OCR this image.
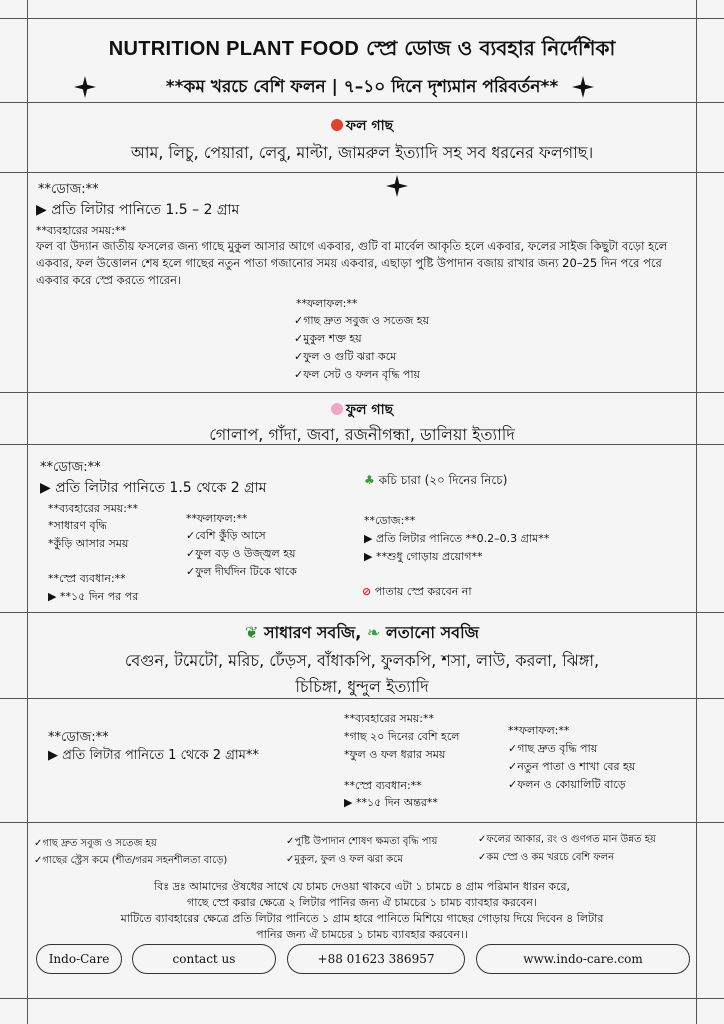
NUTRITION PLANT FOOD স্প্রে ডোজ ও ব্যবহার নির্দেশিকা
**কম খরচে বেশি ফলন | ৭–১০ দিনে দৃশ্যমান পরিবর্তন**
ফল গাছ
আম, লিচু, পেয়ারা, লেবু, মাল্টা, জামরুল ইত্যাদি সহ সব ধরনের ফলগাছ।
**ডোজ:**
▶ প্রতি লিটার পানিতে 1.5 – 2 গ্রাম
**ব্যবহারের সময়:**
ফল বা উদ্যান জাতীয় ফসলের জন্য গাছে মুকুল আসার আগে একবার, গুটি বা মার্বেল আকৃতি হলে একবার, ফলের সাইজ কিছুটা বড়ো হলে একবার, ফল উত্তোলন শেষ হলে গাছের নতুন পাতা গজানোর সময় একবার, এছাড়া পুষ্টি উপাদান বজায় রাখার জন্য 20–25 দিন পরে পরে একবার করে স্প্রে করতে পারেন।
**ফলাফল:**
✓গাছ দ্রুত সবুজ ও সতেজ হয়
✓মুকুল শক্ত হয়
✓ফুল ও গুটি ঝরা কমে
✓ফল সেট ও ফলন বৃদ্ধি পায়
ফুল গাছ
গোলাপ, গাঁদা, জবা, রজনীগন্ধা, ডালিয়া ইত্যাদি
**ডোজ:**
▶ প্রতি লিটার পানিতে 1.5 থেকে 2 গ্রাম
**ব্যবহারের সময়:**
*সাধারণ বৃদ্ধি
*কুঁড়ি আসার সময়
**স্প্রে ব্যবধান:**
▶ **১৫ দিন পর পর
**ফলাফল:**
✓বেশি কুঁড়ি আসে
✓ফুল বড় ও উজ্জ্বল হয়
✓ফুল দীর্ঘদিন টিকে থাকে
♣ কচি চারা (২০ দিনের নিচে)
**ডোজ:**
▶ প্রতি লিটার পানিতে **0.2–0.3 গ্রাম**
▶ **শুধু গোড়ায় প্রয়োগ**
⊘ পাতায় স্প্রে করবেন না
❦ সাধারণ সবজি, ❧ লতানো সবজি
বেগুন, টমেটো, মরিচ, ঢেঁড়স, বাঁধাকপি, ফুলকপি, শসা, লাউ, করলা, ঝিঙ্গা,
চিচিঙ্গা, ধুন্দুল ইত্যাদি
**ডোজ:**
▶ প্রতি লিটার পানিতে 1 থেকে 2 গ্রাম**
**ব্যবহারের সময়:**
*গাছ ২০ দিনের বেশি হলে
*ফুল ও ফল ধরার সময়
**স্প্রে ব্যবধান:**
▶ **১৫ দিন অন্তর**
**ফলাফল:**
✓গাছ দ্রুত বৃদ্ধি পায়
✓নতুন পাতা ও শাখা বের হয়
✓ফলন ও কোয়ালিটি বাড়ে
✓গাছ দ্রুত সবুজ ও সতেজ হয়
✓গাছের স্ট্রেস কমে (শীত/গরম সহনশীলতা বাড়ে)
✓পুষ্টি উপাদান শোষণ ক্ষমতা বৃদ্ধি পায়
✓মুকুল, ফুল ও ফল ঝরা কমে
✓ফলের আকার, রং ও গুণগত মান উন্নত হয়
✓কম স্প্রে ও কম খরচে বেশি ফলন
বিঃ দ্রঃ আমাদের ঔষধের সাথে যে চামচ দেওয়া থাকবে এটা ১ চামচে ৪ গ্রাম পরিমান ধারন করে,
গাছে স্প্রে করার ক্ষেত্রে ২ লিটার পানির জন্য ঐ চামচের ১ চামচ ব্যাবহার করবেন।
মাটিতে ব্যাবহারের ক্ষেত্রে প্রতি লিটার পানিতে ১ গ্রাম হারে পানিতে মিশিয়ে গাছের গোড়ায় দিয়ে দিবেন ৪ লিটার
পানির জন্য ঐ চামচের ১ চামচ ব্যাবহার করবেন।।
Indo-Care	contact us	+88 01623 386957	www.indo-care.com
